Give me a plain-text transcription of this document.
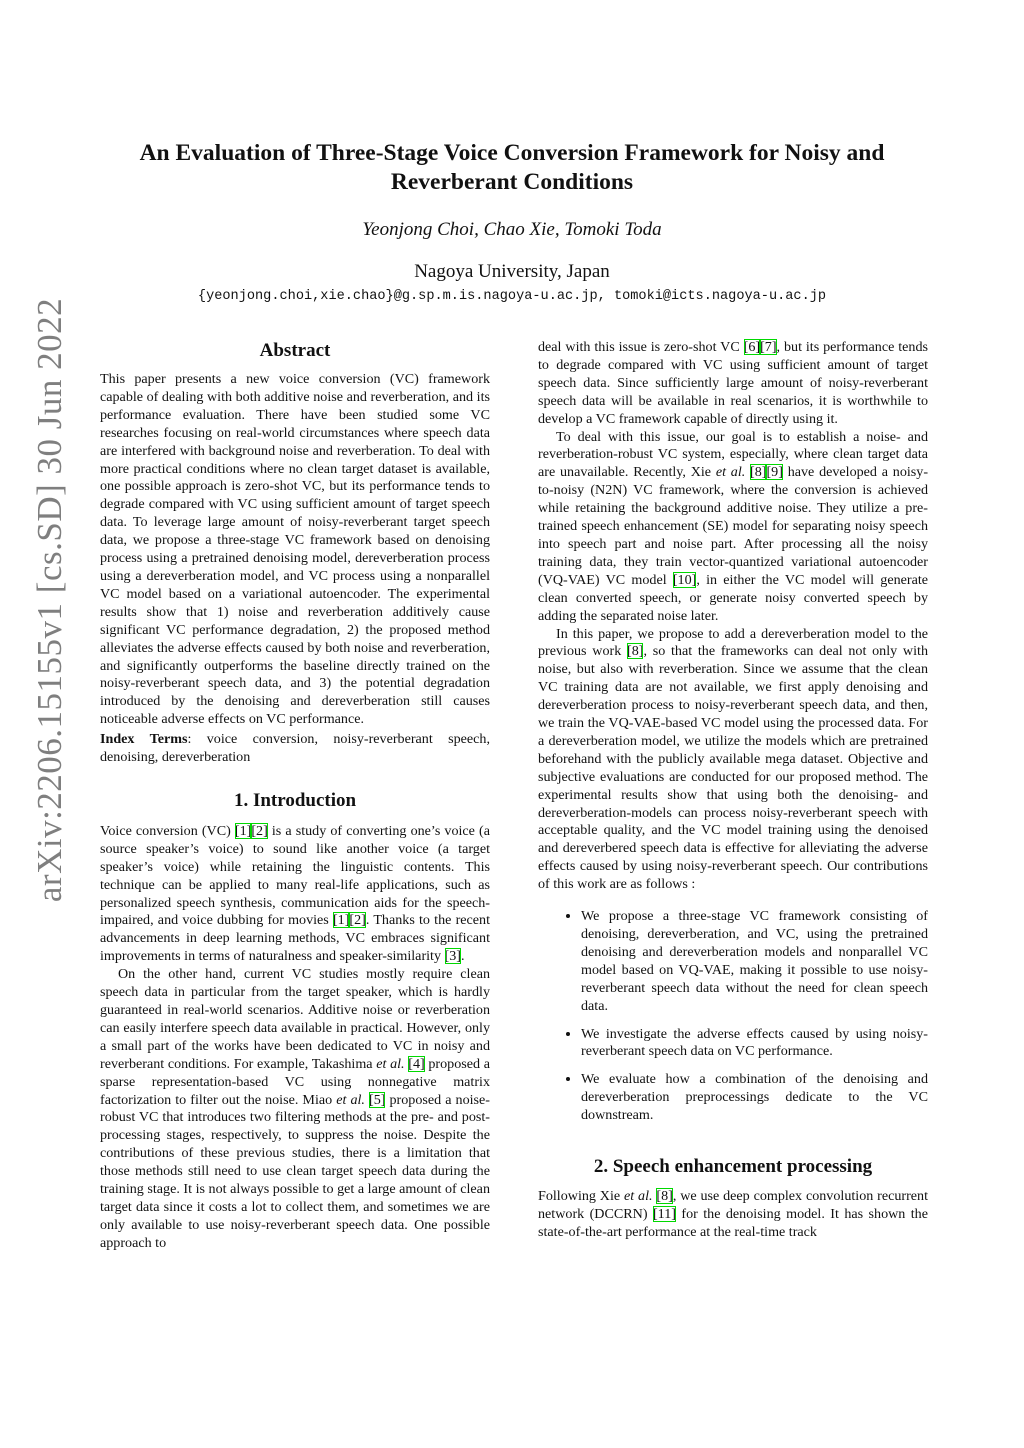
arXiv:2206.15155v1 [cs.SD] 30 Jun 2022
An Evaluation of Three-Stage Voice Conversion Framework for Noisy and Reverberant Conditions
Yeonjong Choi, Chao Xie, Tomoki Toda
Nagoya University, Japan
{yeonjong.choi,xie.chao}@g.sp.m.is.nagoya-u.ac.jp, tomoki@icts.nagoya-u.ac.jp
Abstract

This paper presents a new voice conversion (VC) framework capable of dealing with both additive noise and reverberation, and its performance evaluation. There have been studied some VC researches focusing on real-world circumstances where speech data are interfered with background noise and reverberation. To deal with more practical conditions where no clean target dataset is available, one possible approach is zero-shot VC, but its performance tends to degrade compared with VC using sufficient amount of target speech data. To leverage large amount of noisy-reverberant target speech data, we propose a three-stage VC framework based on denoising process using a pretrained denoising model, dereverberation process using a dereverberation model, and VC process using a nonparallel VC model based on a variational autoencoder. The experimental results show that 1) noise and reverberation additively cause significant VC performance degradation, 2) the proposed method alleviates the adverse effects caused by both noise and reverberation, and significantly outperforms the baseline directly trained on the noisy-reverberant speech data, and 3) the potential degradation introduced by the denoising and dereverberation still causes noticeable adverse effects on VC performance.

Index Terms: voice conversion, noisy-reverberant speech, denoising, dereverberation

1. Introduction

Voice conversion (VC) [1][2] is a study of converting one’s voice (a source speaker’s voice) to sound like another voice (a target speaker’s voice) while retaining the linguistic contents. This technique can be applied to many real-life applications, such as personalized speech synthesis, communication aids for the speech-impaired, and voice dubbing for movies [1][2]. Thanks to the recent advancements in deep learning methods, VC embraces significant improvements in terms of naturalness and speaker-similarity [3].

On the other hand, current VC studies mostly require clean speech data in particular from the target speaker, which is hardly guaranteed in real-world scenarios. Additive noise or reverberation can easily interfere speech data available in practical. However, only a small part of the works have been dedicated to VC in noisy and reverberant conditions. For example, Takashima et al. [4] proposed a sparse representation-based VC using nonnegative matrix factorization to filter out the noise. Miao et al. [5] proposed a noise-robust VC that introduces two filtering methods at the pre- and post-processing stages, respectively, to suppress the noise. Despite the contributions of these previous studies, there is a limitation that those methods still need to use clean target speech data during the training stage. It is not always possible to get a large amount of clean target data since it costs a lot to collect them, and sometimes we are only available to use noisy-reverberant speech data. One possible approach to

deal with this issue is zero-shot VC [6][7], but its performance tends to degrade compared with VC using sufficient amount of target speech data. Since sufficiently large amount of noisy-reverberant speech data will be available in real scenarios, it is worthwhile to develop a VC framework capable of directly using it.

To deal with this issue, our goal is to establish a noise- and reverberation-robust VC system, especially, where clean target data are unavailable. Recently, Xie et al. [8][9] have developed a noisy-to-noisy (N2N) VC framework, where the conversion is achieved while retaining the background additive noise. They utilize a pre-trained speech enhancement (SE) model for separating noisy speech into speech part and noise part. After processing all the noisy training data, they train vector-quantized variational autoencoder (VQ-VAE) VC model [10], in either the VC model will generate clean converted speech, or generate noisy converted speech by adding the separated noise later.

In this paper, we propose to add a dereverberation model to the previous work [8], so that the frameworks can deal not only with noise, but also with reverberation. Since we assume that the clean VC training data are not available, we first apply denoising and dereverberation process to noisy-reverberant speech data, and then, we train the VQ-VAE-based VC model using the processed data. For a dereverberation model, we utilize the models which are pretrained beforehand with the publicly available mega dataset. Objective and subjective evaluations are conducted for our proposed method. The experimental results show that using both the denoising- and dereverberation-models can process noisy-reverberant speech with acceptable quality, and the VC model training using the denoised and dereverbered speech data is effective for alleviating the adverse effects caused by using noisy-reverberant speech. Our contributions of this work are as follows :

• We propose a three-stage VC framework consisting of denoising, dereverberation, and VC, using the pretrained denoising and dereverberation models and nonparallel VC model based on VQ-VAE, making it possible to use noisy-reverberant speech data without the need for clean speech data.
• We investigate the adverse effects caused by using noisy-reverberant speech data on VC performance.
• We evaluate how a combination of the denoising and dereverberation preprocessings dedicate to the VC downstream.
2. Speech enhancement processing

Following Xie et al. [8], we use deep complex convolution recurrent network (DCCRN) [11] for the denoising model. It has shown the state-of-the-art performance at the real-time track
